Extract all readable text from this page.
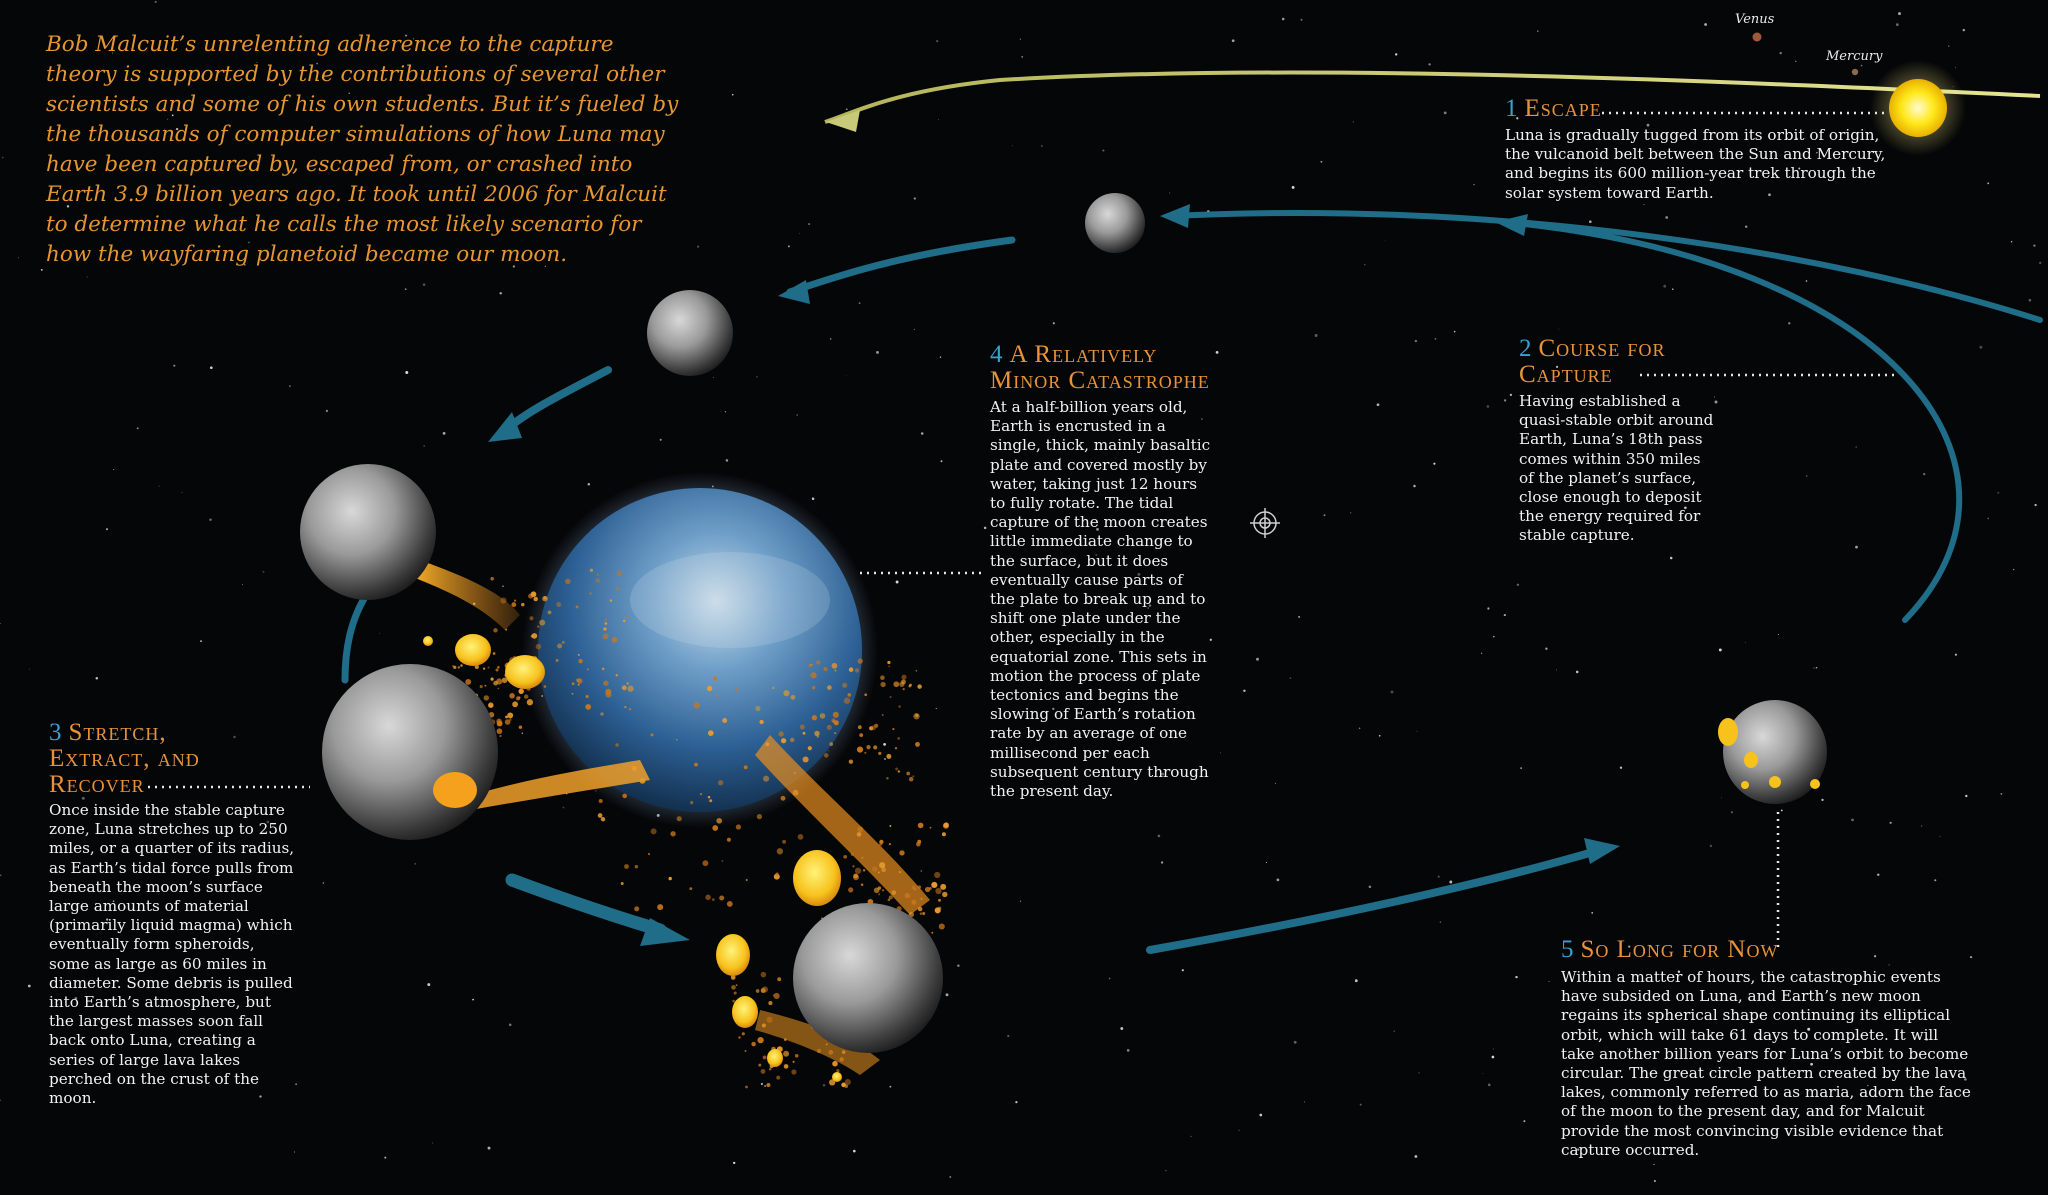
Venus
Mercury

Bob Malcuit’s unrelenting adherence to the capture theory is supported by the contributions of several other scientists and some of his own students. But it’s fueled by the thousands of computer simulations of how Luna may have been captured by, escaped from, or crashed into Earth 3.9 billion years ago. It took until 2006 for Malcuit to determine what he calls the most likely scenario for how the wayfaring planetoid became our moon.

1 Escape

Luna is gradually tugged from its orbit of origin, the vulcanoid belt between the Sun and Mercury, and begins its 600 million-year trek through the solar system toward Earth.

2 Course for Capture

Having established a quasi-stable orbit around Earth, Luna’s 18th pass comes within 350 miles of the planet’s surface, close enough to deposit the energy required for stable capture.

3 Stretch, Extract, and Recover

Once inside the stable capture zone, Luna stretches up to 250 miles, or a quarter of its radius, as Earth’s tidal force pulls from beneath the moon’s surface large amounts of material (primarily liquid magma) which eventually form spheroids, some as large as 60 miles in diameter. Some debris is pulled into Earth’s atmosphere, but the largest masses soon fall back onto Luna, creating a series of large lava lakes perched on the crust of the moon.

4 A Relatively Minor Catastrophe

At a half-billion years old, Earth is encrusted in a single, thick, mainly basaltic plate and covered mostly by water, taking just 12 hours to fully rotate. The tidal capture of the moon creates little immediate change to the surface, but it does eventually cause parts of the plate to break up and to shift one plate under the other, especially in the equatorial zone. This sets in motion the process of plate tectonics and begins the slowing of Earth’s rotation rate by an average of one millisecond per each subsequent century through the present day.

5 So Long for Now

Within a matter of hours, the catastrophic events have subsided on Luna, and Earth’s new moon regains its spherical shape continuing its elliptical orbit, which will take 61 days to complete. It will take another billion years for Luna’s orbit to become circular. The great circle pattern created by the lava lakes, commonly referred to as maria, adorn the face of the moon to the present day, and for Malcuit provide the most convincing visible evidence that capture occurred.
